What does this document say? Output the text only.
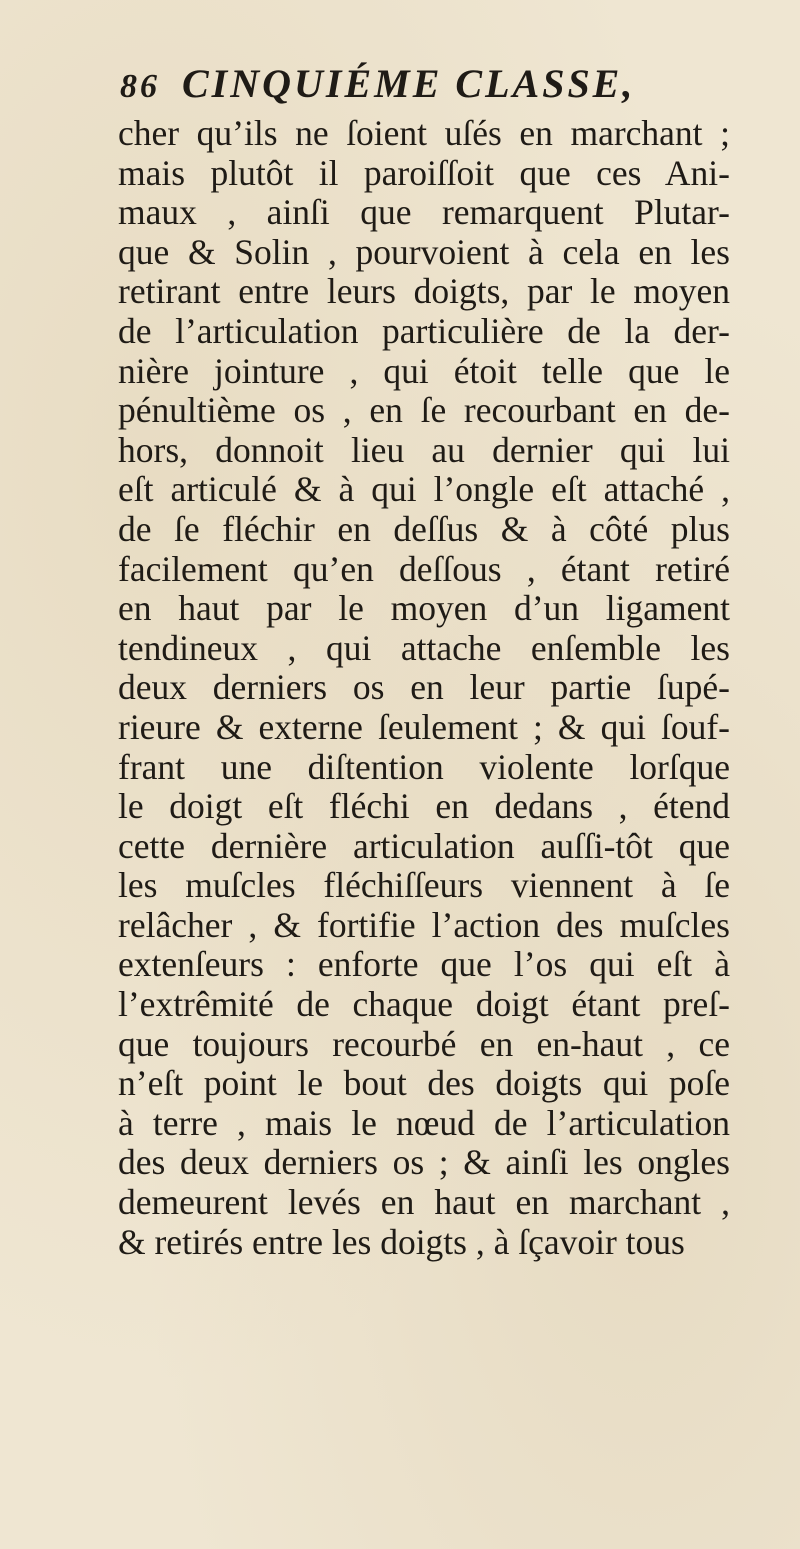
86 CINQUIÉME CLASSE,
cher qu’ils ne ſoient uſés en marchant ;
mais plutôt il paroiſſoit que ces Ani-
maux , ainſi que remarquent Plutar-
que & Solin , pourvoient à cela en les
retirant entre leurs doigts, par le moyen
de l’articulation particulière de la der-
nière jointure , qui étoit telle que le
pénultième os , en ſe recourbant en de-
hors, donnoit lieu au dernier qui lui
eſt articulé & à qui l’ongle eſt attaché ,
de ſe fléchir en deſſus & à côté plus
facilement qu’en deſſous , étant retiré
en haut par le moyen d’un ligament
tendineux , qui attache enſemble les
deux derniers os en leur partie ſupé-
rieure & externe ſeulement ; & qui ſouf-
frant une diſtention violente lorſque
le doigt eſt fléchi en dedans , étend
cette dernière articulation auſſi-tôt que
les muſcles fléchiſſeurs viennent à ſe
relâcher , & fortifie l’action des muſcles
extenſeurs : enforte que l’os qui eſt à
l’extrêmité de chaque doigt étant preſ-
que toujours recourbé en en-haut , ce
n’eſt point le bout des doigts qui poſe
à terre , mais le nœud de l’articulation
des deux derniers os ; & ainſi les ongles
demeurent levés en haut en marchant ,
& retirés entre les doigts , à ſçavoir tous
